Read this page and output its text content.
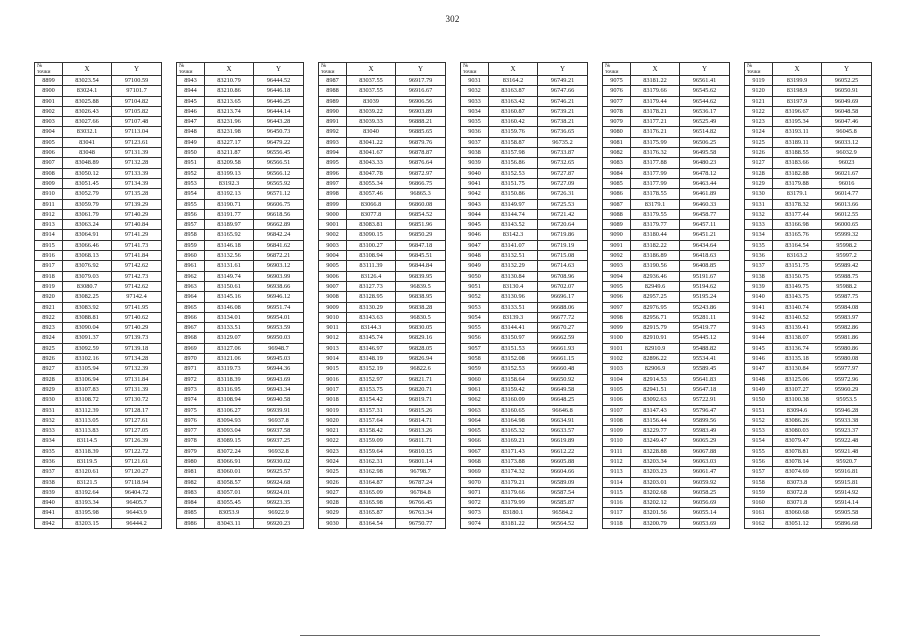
302
№
точки	X	Y
8899	83023.54	97100.59
8900	83024.1	97101.7
8901	83025.88	97104.82
8902	83026.43	97105.82
8903	83027.66	97107.48
8904	83032.1	97113.04
8905	83041	97123.61
8906	83048	97131.39
8907	83048.89	97132.28
8908	83050.12	97133.39
8909	83051.45	97134.39
8910	83052.79	97135.28
8911	83059.79	97139.29
8912	83061.79	97140.29
8913	83063.24	97140.84
8914	83064.91	97141.29
8915	83066.46	97141.73
8916	83068.13	97141.84
8917	83076.92	97142.62
8918	83079.03	97142.73
8919	83080.7	97142.62
8920	83082.25	97142.4
8921	83083.92	97141.95
8922	83088.81	97140.62
8923	83090.04	97140.29
8924	83091.37	97139.73
8925	83092.59	97139.18
8926	83102.16	97134.28
8927	83105.94	97132.39
8928	83106.94	97131.84
8929	83107.83	97131.39
8930	83108.72	97130.72
8931	83112.39	97128.17
8932	83113.05	97127.61
8933	83113.83	97127.05
8934	83114.5	97126.39
8935	83118.39	97122.72
8936	83119.5	97121.61
8937	83120.61	97120.27
8938	83121.5	97118.94
8939	83192.64	96404.72
8940	83193.34	96405.7
8941	83195.98	96443.9
8942	83203.15	96444.2
№
точки	X	Y
8943	83210.79	96444.52
8944	83210.86	96446.18
8945	83213.65	96446.25
8946	83213.74	96444.14
8947	83231.96	96443.28
8948	83231.98	96450.73
8949	83227.17	96479.22
8950	83211.87	96556.45
8951	83209.58	96566.51
8952	83199.13	96566.12
8953	83192.3	96565.92
8954	83192.13	96571.12
8955	83190.71	96606.75
8956	83191.77	96618.56
8957	83189.97	96662.89
8958	83165.92	96842.24
8959	83146.18	96841.62
8960	83132.56	96872.21
8961	83131.61	96903.12
8962	83149.74	96903.99
8963	83150.61	96938.66
8964	83145.16	96946.12
8965	83146.08	96951.74
8966	83134.01	96954.01
8967	83133.51	96953.59
8968	83129.07	96950.03
8969	83127.06	96948.7
8970	83121.06	96945.03
8971	83119.73	96944.36
8972	83118.39	96943.69
8973	83116.95	96943.34
8974	83108.94	96940.58
8975	83106.27	96939.91
8976	83094.93	96937.8
8977	83093.04	96937.58
8978	83089.15	96937.25
8979	83072.24	96932.8
8980	83066.91	96930.02
8981	83060.01	96925.57
8982	83058.57	96924.68
8983	83057.01	96924.01
8984	83055.45	96923.35
8985	83053.9	96922.9
8986	83043.11	96920.23
№
точки	X	Y
8987	83037.55	96917.79
8988	83037.55	96916.67
8989	83039	96906.56
8990	83039.22	96903.89
8991	83039.33	96888.21
8992	83040	96885.65
8993	83041.22	96879.76
8994	83041.67	96878.87
8995	83043.33	96876.64
8996	83047.78	96872.97
8997	83055.34	96866.75
8998	83057.46	96865.3
8999	83066.8	96860.08
9000	83077.8	96854.52
9001	83083.81	96851.96
9002	83090.15	96850.29
9003	83100.27	96847.18
9004	83108.94	96845.51
9005	83111.39	96844.84
9006	83126.4	96839.95
9007	83127.73	96839.5
9008	83128.95	96838.95
9009	83130.29	96838.28
9010	83143.63	96830.5
9011	83144.3	96830.05
9012	83145.74	96829.16
9013	83146.97	96828.05
9014	83148.19	96826.94
9015	83152.19	96822.6
9016	83152.97	96821.71
9017	83153.75	96820.71
9018	83154.42	96819.71
9019	83157.31	96815.26
9020	83157.64	96814.71
9021	83158.42	96813.26
9022	83159.09	96811.71
9023	83159.64	96810.15
9024	83162.31	96801.14
9025	83162.98	96798.7
9026	83164.87	96787.24
9027	83165.09	96784.8
9028	83165.98	96766.45
9029	83165.87	96763.34
9030	83164.54	96750.77
№
точки	X	Y
9031	83164.2	96749.21
9032	83163.87	96747.66
9033	83163.42	96746.21
9034	83160.87	96739.21
9035	83160.42	96738.21
9036	83159.76	96736.65
9037	83158.87	96735.2
9038	83157.98	96733.87
9039	83156.86	96732.65
9040	83152.53	96727.87
9041	83151.75	96727.09
9042	83150.86	96726.31
9043	83149.97	96725.53
9044	83144.74	96721.42
9045	83143.52	96720.64
9046	83142.3	96719.86
9047	83141.07	96719.19
9048	83132.51	96715.08
9049	83132.29	96714.63
9050	83130.84	96708.96
9051	83130.4	96702.07
9052	83130.96	96696.17
9053	83133.51	96688.06
9054	83139.3	96677.72
9055	83144.41	96670.27
9056	83150.97	96662.59
9057	83151.53	96661.93
9058	83152.08	96661.15
9059	83152.53	96660.48
9060	83158.64	96650.92
9061	83159.42	96649.58
9062	83160.09	96648.25
9063	83160.65	96646.8
9064	83164.98	96634.91
9065	83165.32	96633.57
9066	83169.21	96619.89
9067	83171.43	96612.22
9068	83173.88	96605.88
9069	83174.32	96604.66
9070	83179.21	96589.09
9071	83179.66	96587.54
9072	83179.99	96585.87
9073	83180.1	96584.2
9074	83181.22	96564.52
№
точки	X	Y
9075	83181.22	96561.41
9076	83179.66	96545.62
9077	83179.44	96544.62
9078	83178.21	96536.17
9079	83177.21	96525.49
9080	83176.21	96514.82
9081	83175.99	96506.25
9082	83176.32	96495.58
9083	83177.88	96480.23
9084	83177.99	96478.12
9085	83177.99	96463.44
9086	83178.55	96461.89
9087	83179.1	96460.33
9088	83179.55	96458.77
9089	83179.77	96457.11
9090	83180.44	96451.21
9091	83182.22	96434.64
9092	83186.89	96418.63
9093	83190.56	96408.85
9094	82936.46	95191.67
9095	82949.6	95194.62
9096	82957.25	95195.24
9097	82976.95	95243.86
9098	82956.71	95281.11
9099	82915.79	95419.77
9100	82910.91	95445.12
9101	82910.9	95488.82
9102	82896.22	95534.41
9103	82906.9	95589.45
9104	82914.53	95641.83
9105	82941.51	95647.18
9106	83092.63	95722.91
9107	83147.43	95796.47
9108	83156.44	95899.56
9109	83229.77	95983.49
9110	83249.47	96065.29
9111	83228.88	96067.88
9112	83203.34	96063.03
9113	83203.23	96061.47
9114	83203.01	96059.92
9115	83202.68	96058.25
9116	83202.12	96056.69
9117	83201.56	96055.14
9118	83200.79	96053.69
№
точки	X	Y
9119	83199.9	96052.25
9120	83198.9	96050.91
9121	83197.9	96049.69
9122	83196.67	96048.58
9123	83195.34	96047.46
9124	83193.11	96045.8
9125	83189.11	96033.12
9126	83188.55	96032.9
9127	83183.66	96023
9128	83182.88	96021.67
9129	83179.88	96016
9130	83179.1	96014.77
9131	83178.32	96013.66
9132	83177.44	96012.55
9133	83166.98	96000.65
9134	83165.76	95999.32
9135	83164.54	95998.2
9136	83163.2	95997.2
9137	83151.75	95989.42
9138	83150.75	95988.75
9139	83149.75	95988.2
9140	83143.75	95987.75
9141	83140.74	95984.08
9142	83140.52	95983.97
9143	83139.41	95982.86
9144	83138.07	95981.86
9145	83136.74	95980.86
9146	83135.18	95980.08
9147	83130.84	95977.97
9148	83125.06	95972.96
9149	83107.27	95960.29
9150	83100.38	95953.5
9151	83094.6	95946.28
9152	83086.26	95933.38
9153	83080.03	95923.37
9154	83079.47	95922.48
9155	83078.81	95921.48
9156	83078.14	95920.7
9157	83074.69	95916.81
9158	83073.8	95915.81
9159	83072.8	95914.92
9160	83071.8	95914.14
9161	83060.68	95905.58
9162	83051.12	95896.68
